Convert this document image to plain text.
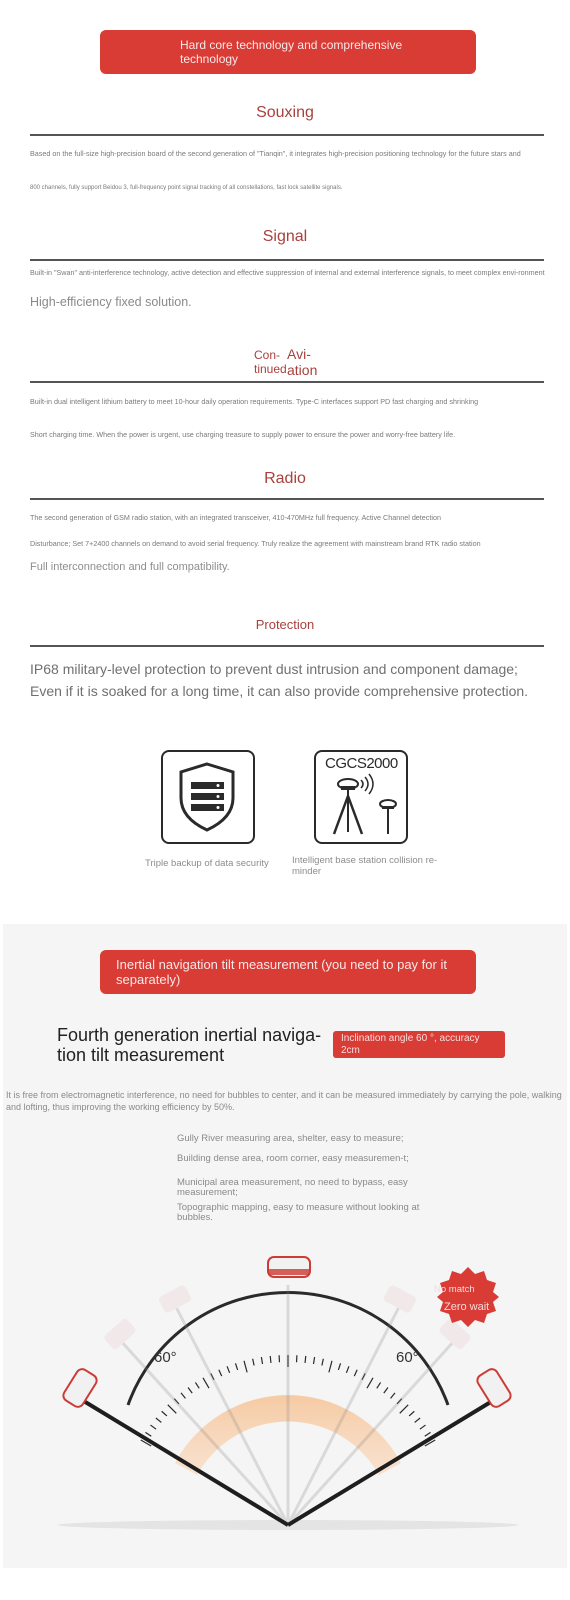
Hard core technology and comprehensive technology
Souxing
Based on the full-size high-precision board of the second generation of "Tianqin", it integrates high-precision positioning technology for the future stars and
800 channels, fully support Beidou 3, full-frequency point signal tracking of all constellations, fast lock satellite signals.
Signal
Built-in "Swan" anti-interference technology, active detection and effective suppression of internal and external interference signals, to meet complex envi-ronment
High-efficiency fixed solution.
Con- tinued
Avi- ation
Built-in dual intelligent lithium battery to meet 10-hour daily operation requirements. Type-C interfaces support PD fast charging and shrinking
Short charging time. When the power is urgent, use charging treasure to supply power to ensure the power and worry-free battery life.
Radio
The second generation of GSM radio station, with an integrated transceiver, 410-470MHz full frequency. Active Channel detection
Disturbance; Set 7+2400 channels on demand to avoid serial frequency. Truly realize the agreement with mainstream brand RTK radio station
Full interconnection and full compatibility.
Protection
IP68 military-level protection to prevent dust intrusion and component damage; Even if it is soaked for a long time, it can also provide comprehensive protection.
Triple backup of data security
CGCS2000
Intelligent base station collision re-minder
Inertial navigation tilt measurement (you need to pay for it separately)
Fourth generation inertial naviga-tion tilt measurement
Inclination angle 60 °, accuracy 2cm
It is free from electromagnetic interference, no need for bubbles to center, and it can be measured immediately by carrying the pole, walking and lofting, thus improving the working efficiency by 50%.
Gully River measuring area, shelter, easy to measure;
Building dense area, room corner, easy measuremen-t;
Municipal area measurement, no need to bypass, easy measurement;
Topographic mapping, easy to measure without looking at bubbles.
60°	60°
No match
Zero wait
